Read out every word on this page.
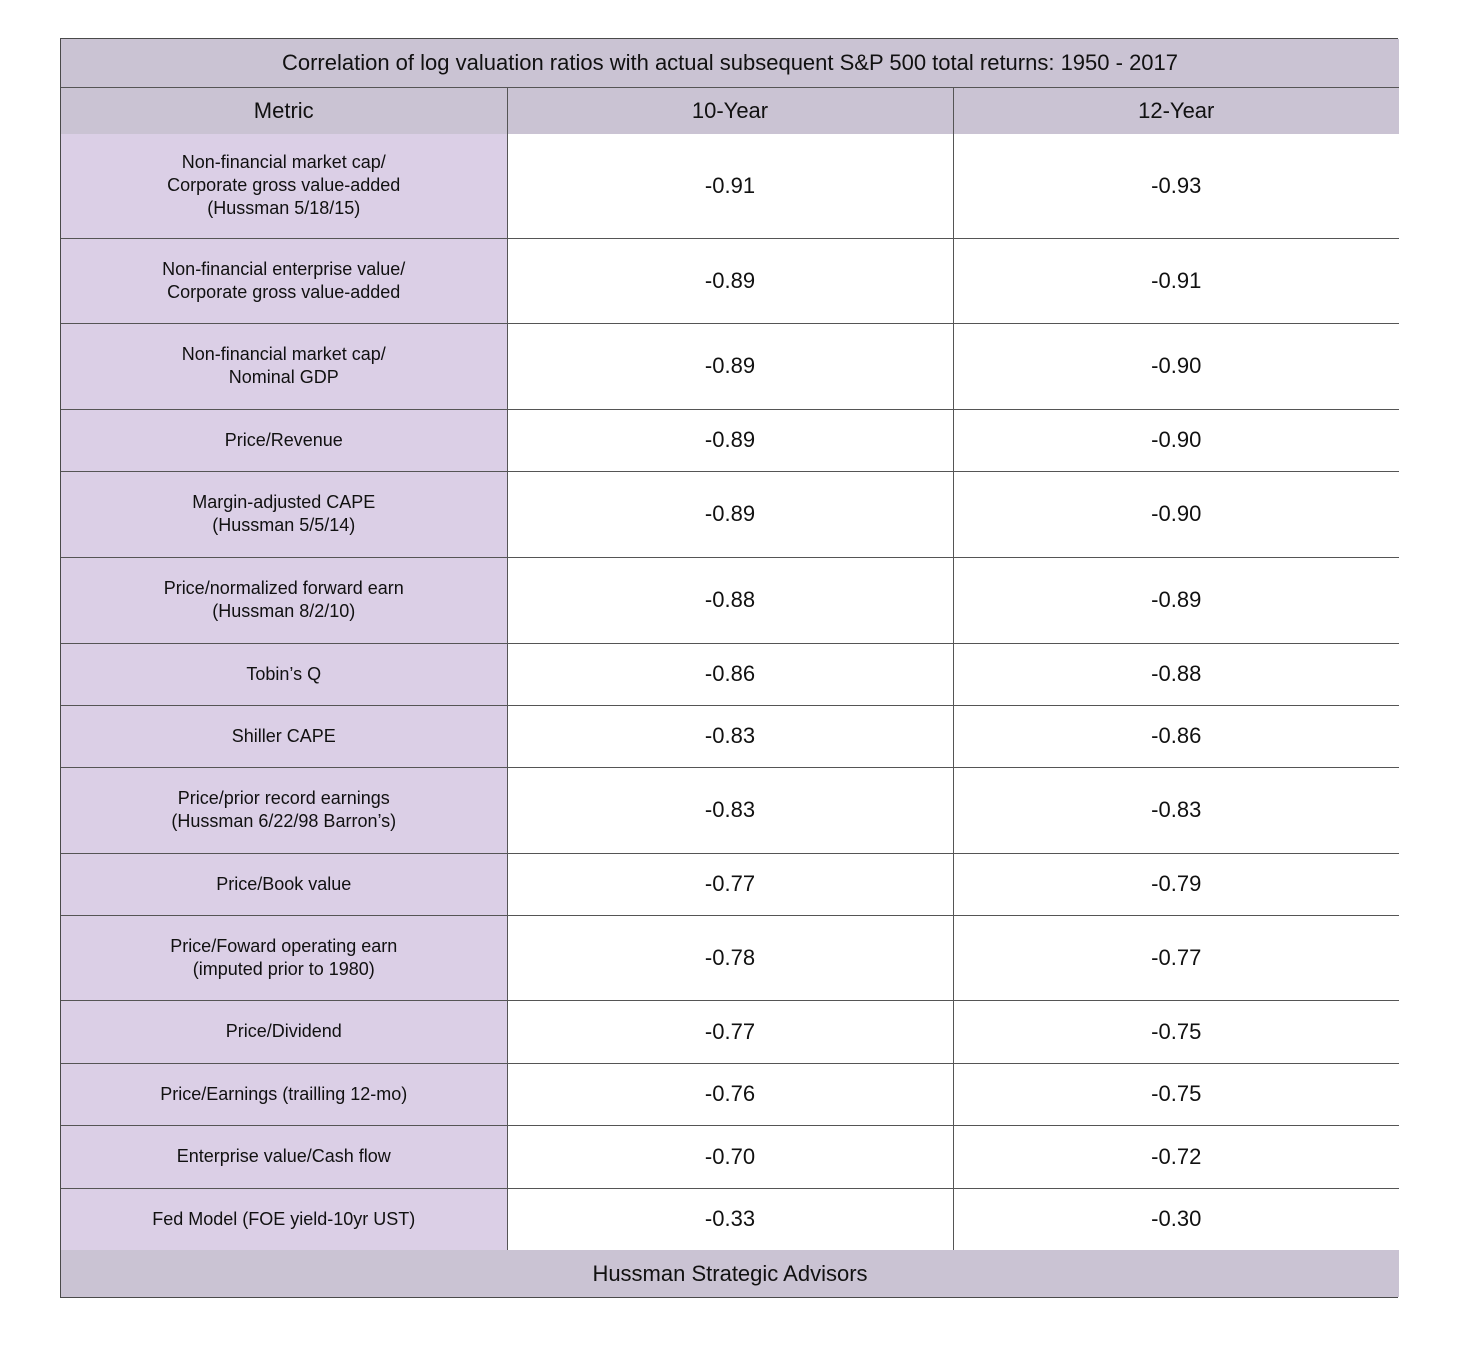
Correlation of log valuation ratios with actual subsequent S&P 500 total returns: 1950 - 2017		
Metric	10-Year	12-Year
Non-financial market cap/
Corporate gross value-added
(Hussman 5/18/15)	-0.91	-0.93
Non-financial enterprise value/
Corporate gross value-added	-0.89	-0.91
Non-financial market cap/
Nominal GDP	-0.89	-0.90
Price/Revenue	-0.89	-0.90
Margin-adjusted CAPE
(Hussman 5/5/14)	-0.89	-0.90
Price/normalized forward earn
(Hussman 8/2/10)	-0.88	-0.89
Tobin’s Q	-0.86	-0.88
Shiller CAPE	-0.83	-0.86
Price/prior record earnings
(Hussman 6/22/98 Barron’s)	-0.83	-0.83
Price/Book value	-0.77	-0.79
Price/Foward operating earn
(imputed prior to 1980)	-0.78	-0.77
Price/Dividend	-0.77	-0.75
Price/Earnings (trailling 12-mo)	-0.76	-0.75
Enterprise value/Cash flow	-0.70	-0.72
Fed Model (FOE yield-10yr UST)	-0.33	-0.30
Hussman Strategic Advisors		
